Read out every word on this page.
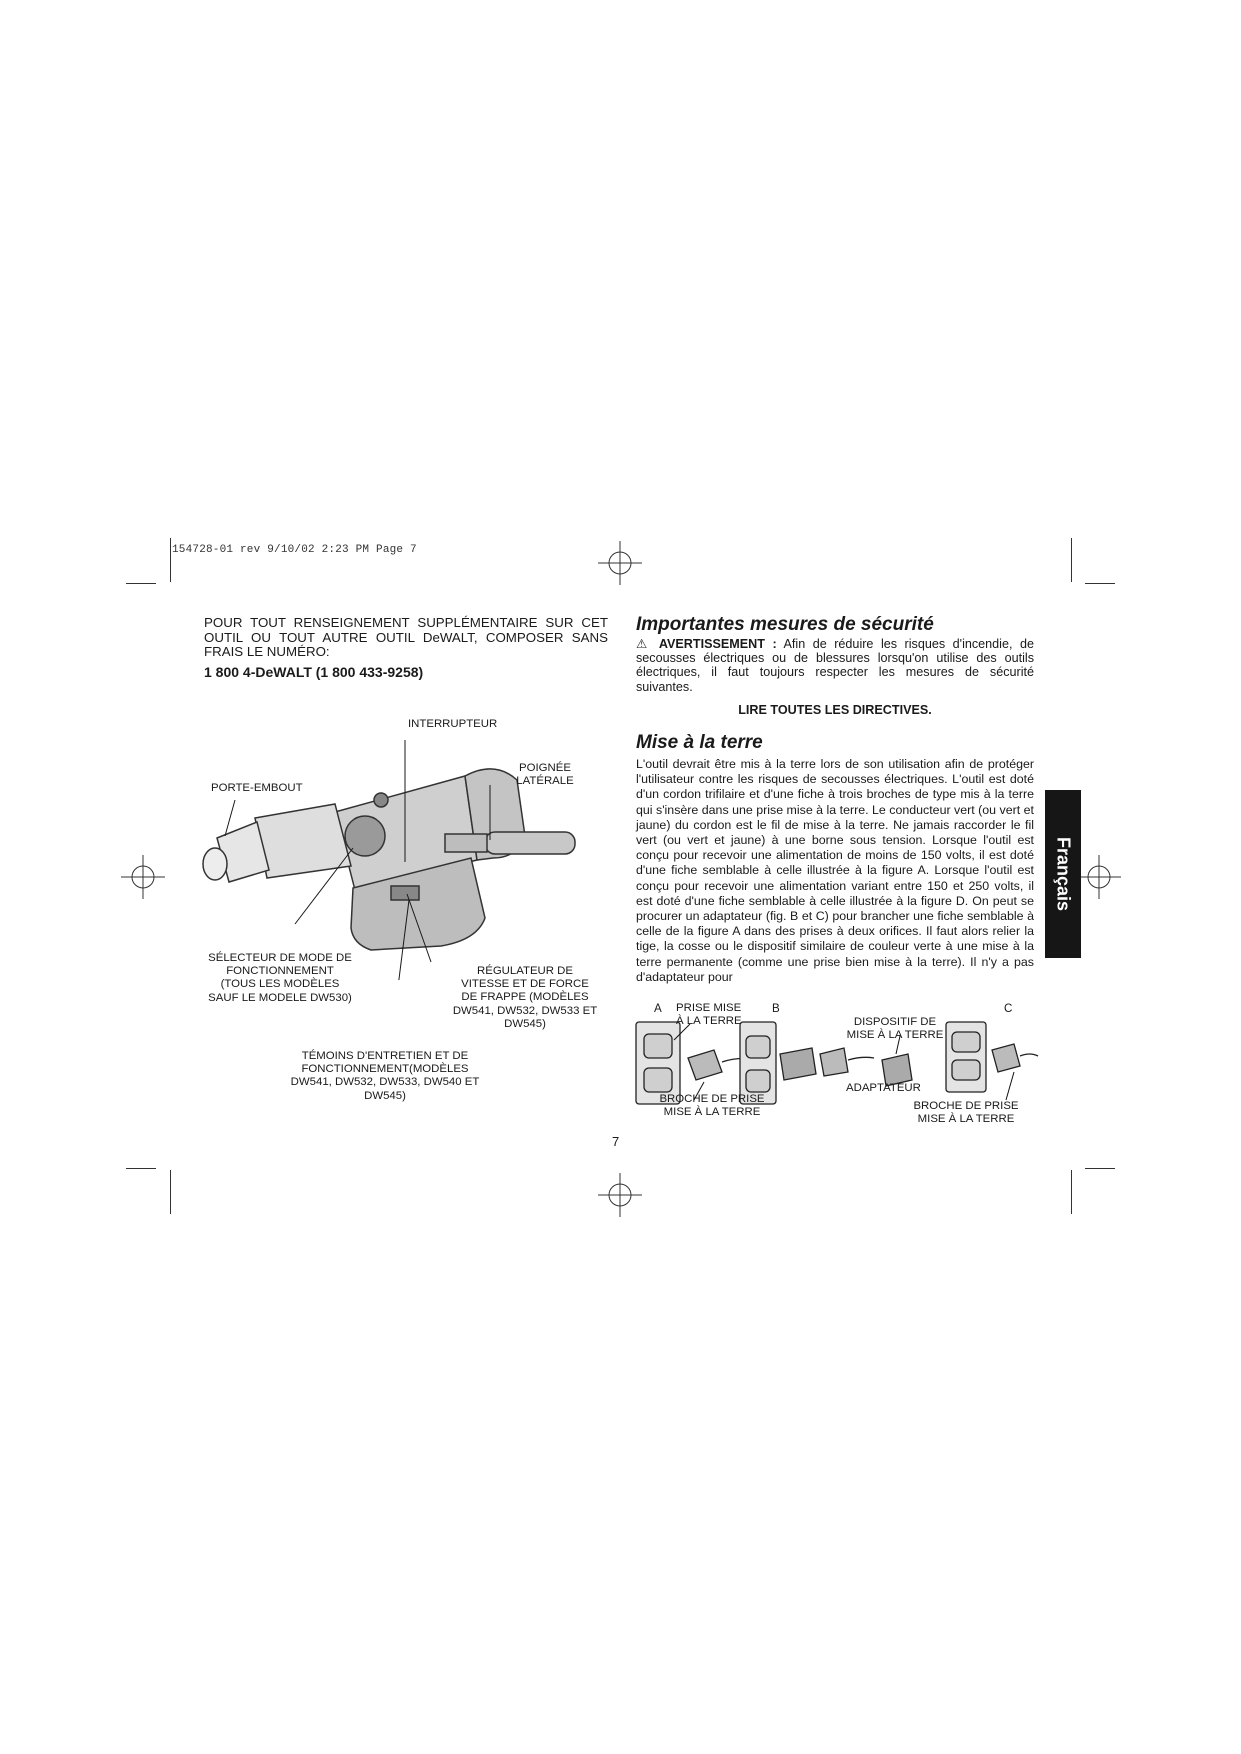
154728-01 rev 9/10/02 2:23 PM Page 7
POUR TOUT RENSEIGNEMENT SUPPLÉMENTAIRE SUR CET OUTIL OU TOUT AUTRE OUTIL DeWALT, COMPOSER SANS FRAIS LE NUMÉRO:
1 800 4-DeWALT (1 800 433-9258)
INTERRUPTEUR
POIGNÉE
LATÉRALE
PORTE-EMBOUT
SÉLECTEUR DE MODE DE
FONCTIONNEMENT
(TOUS LES MODÈLES
SAUF LE MODELE DW530)
RÉGULATEUR DE
VITESSE ET DE FORCE
DE FRAPPE (MODÈLES
DW541, DW532, DW533 ET
DW545)
TÉMOINS D'ENTRETIEN ET DE
FONCTIONNEMENT(MODÈLES
DW541, DW532, DW533, DW540 ET
DW545)
Importantes mesures de sécurité
⚠ AVERTISSEMENT : Afin de réduire les risques d'incendie, de secousses électriques ou de blessures lorsqu'on utilise des outils électriques, il faut toujours respecter les mesures de sécurité suivantes.
LIRE TOUTES LES DIRECTIVES.
Mise à la terre
L'outil devrait être mis à la terre lors de son utilisation afin de protéger l'utilisateur contre les risques de secousses électriques. L'outil est doté d'un cordon trifilaire et d'une fiche à trois broches de type mis à la terre qui s'insère dans une prise mise à la terre. Le conducteur vert (ou vert et jaune) du cordon est le fil de mise à la terre. Ne jamais raccorder le fil vert (ou vert et jaune) à une borne sous tension. Lorsque l'outil est conçu pour recevoir une alimentation de moins de 150 volts, il est doté d'une fiche semblable à celle illustrée à la figure A. Lorsque l'outil est conçu pour recevoir une alimentation variant entre 150 et 250 volts, il est doté d'une fiche semblable à celle illustrée à la figure D. On peut se procurer un adaptateur (fig. B et C) pour brancher une fiche semblable à celle de la figure A dans des prises à deux orifices. Il faut alors relier la tige, la cosse ou le dispositif similaire de couleur verte à une mise à la terre permanente (comme une prise bien mise à la terre). Il n'y a pas d'adaptateur pour
A	B	C
PRISE MISE
À LA TERRE	DISPOSITIF DE
MISE À LA TERRE
ADAPTATEUR
BROCHE DE PRISE
MISE À LA TERRE
BROCHE DE PRISE
MISE À LA TERRE
Français
7
